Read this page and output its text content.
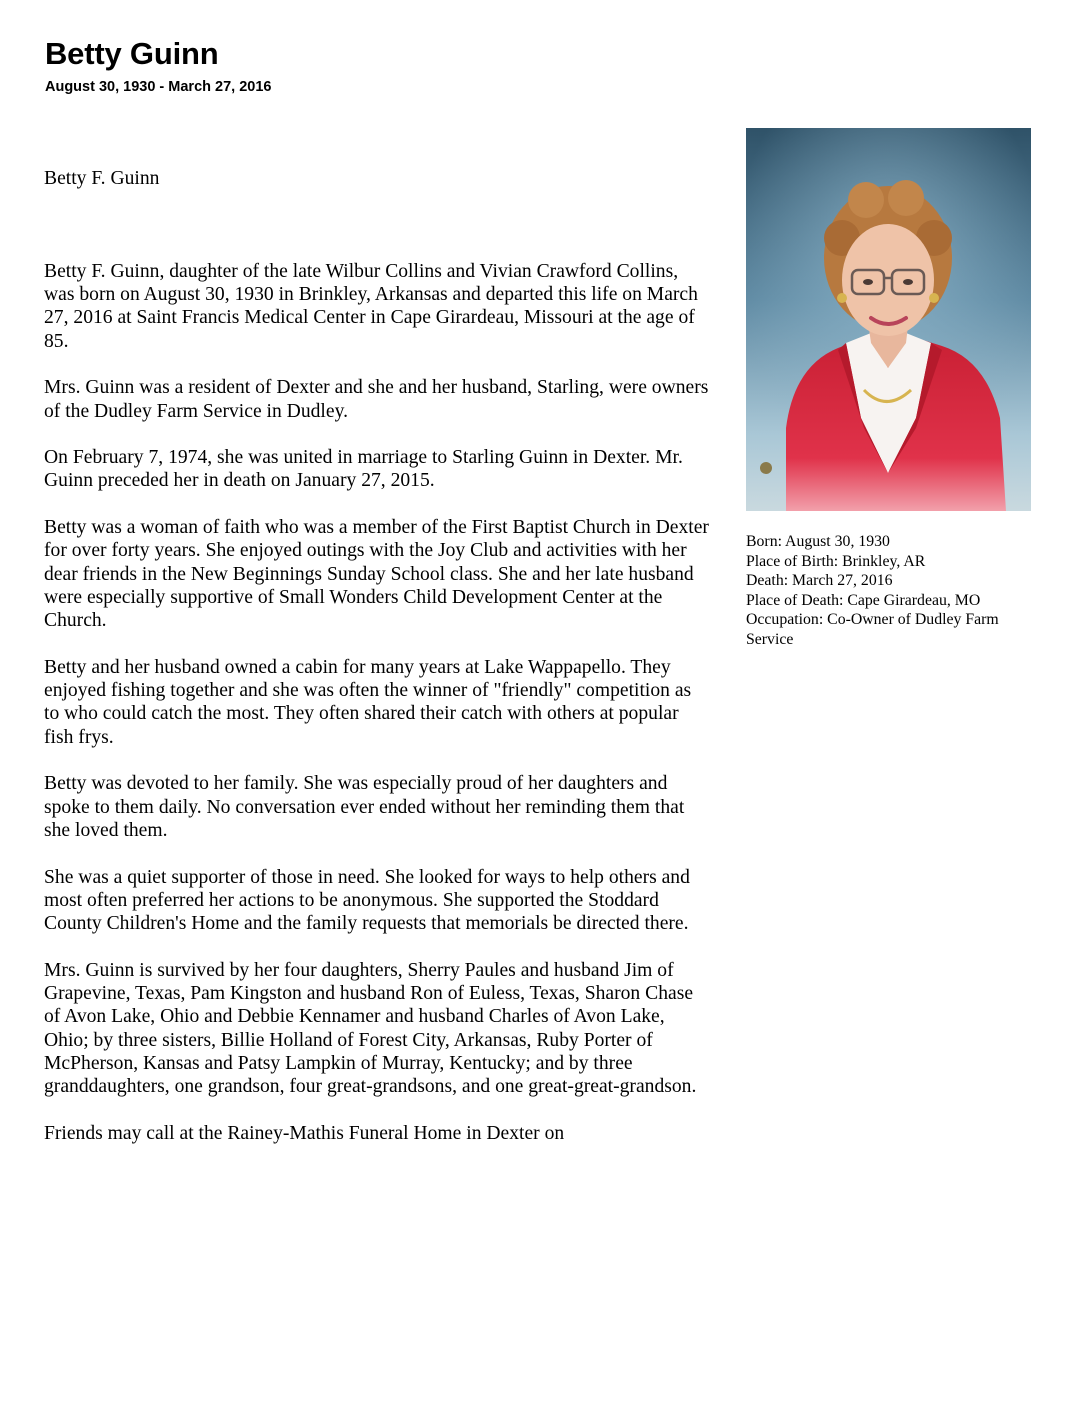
Betty Guinn
August 30, 1930 - March 27, 2016

Betty F. Guinn

Betty F. Guinn, daughter of the late Wilbur Collins and Vivian Crawford Collins, was born on August 30, 1930 in Brinkley, Arkansas and departed this life on March 27, 2016 at Saint Francis Medical Center in Cape Girardeau, Missouri at the age of 85.

Mrs. Guinn was a resident of Dexter and she and her husband, Starling, were owners of the Dudley Farm Service in Dudley.

On February 7, 1974, she was united in marriage to Starling Guinn in Dexter. Mr. Guinn preceded her in death on January 27, 2015.

Betty was a woman of faith who was a member of the First Baptist Church in Dexter for over forty years. She enjoyed outings with the Joy Club and activities with her dear friends in the New Beginnings Sunday School class. She and her late husband were especially supportive of Small Wonders Child Development Center at the Church.

Betty and her husband owned a cabin for many years at Lake Wappapello. They enjoyed fishing together and she was often the winner of "friendly" competition as to who could catch the most. They often shared their catch with others at popular fish frys.

Betty was devoted to her family. She was especially proud of her daughters and spoke to them daily. No conversation ever ended without her reminding them that she loved them.

She was a quiet supporter of those in need. She looked for ways to help others and most often preferred her actions to be anonymous. She supported the Stoddard County Children's Home and the family requests that memorials be directed there.

Mrs. Guinn is survived by her four daughters, Sherry Paules and husband Jim of Grapevine, Texas, Pam Kingston and husband Ron of Euless, Texas, Sharon Chase of Avon Lake, Ohio and Debbie Kennamer and husband Charles of Avon Lake, Ohio; by three sisters, Billie Holland of Forest City, Arkansas, Ruby Porter of McPherson, Kansas and Patsy Lampkin of Murray, Kentucky; and by three granddaughters, one grandson, four great-grandsons, and one great-great-grandson.

Friends may call at the Rainey-Mathis Funeral Home in Dexter on

Born: August 30, 1930
Place of Birth: Brinkley, AR
Death: March 27, 2016
Place of Death: Cape Girardeau, MO
Occupation: Co-Owner of Dudley Farm Service
